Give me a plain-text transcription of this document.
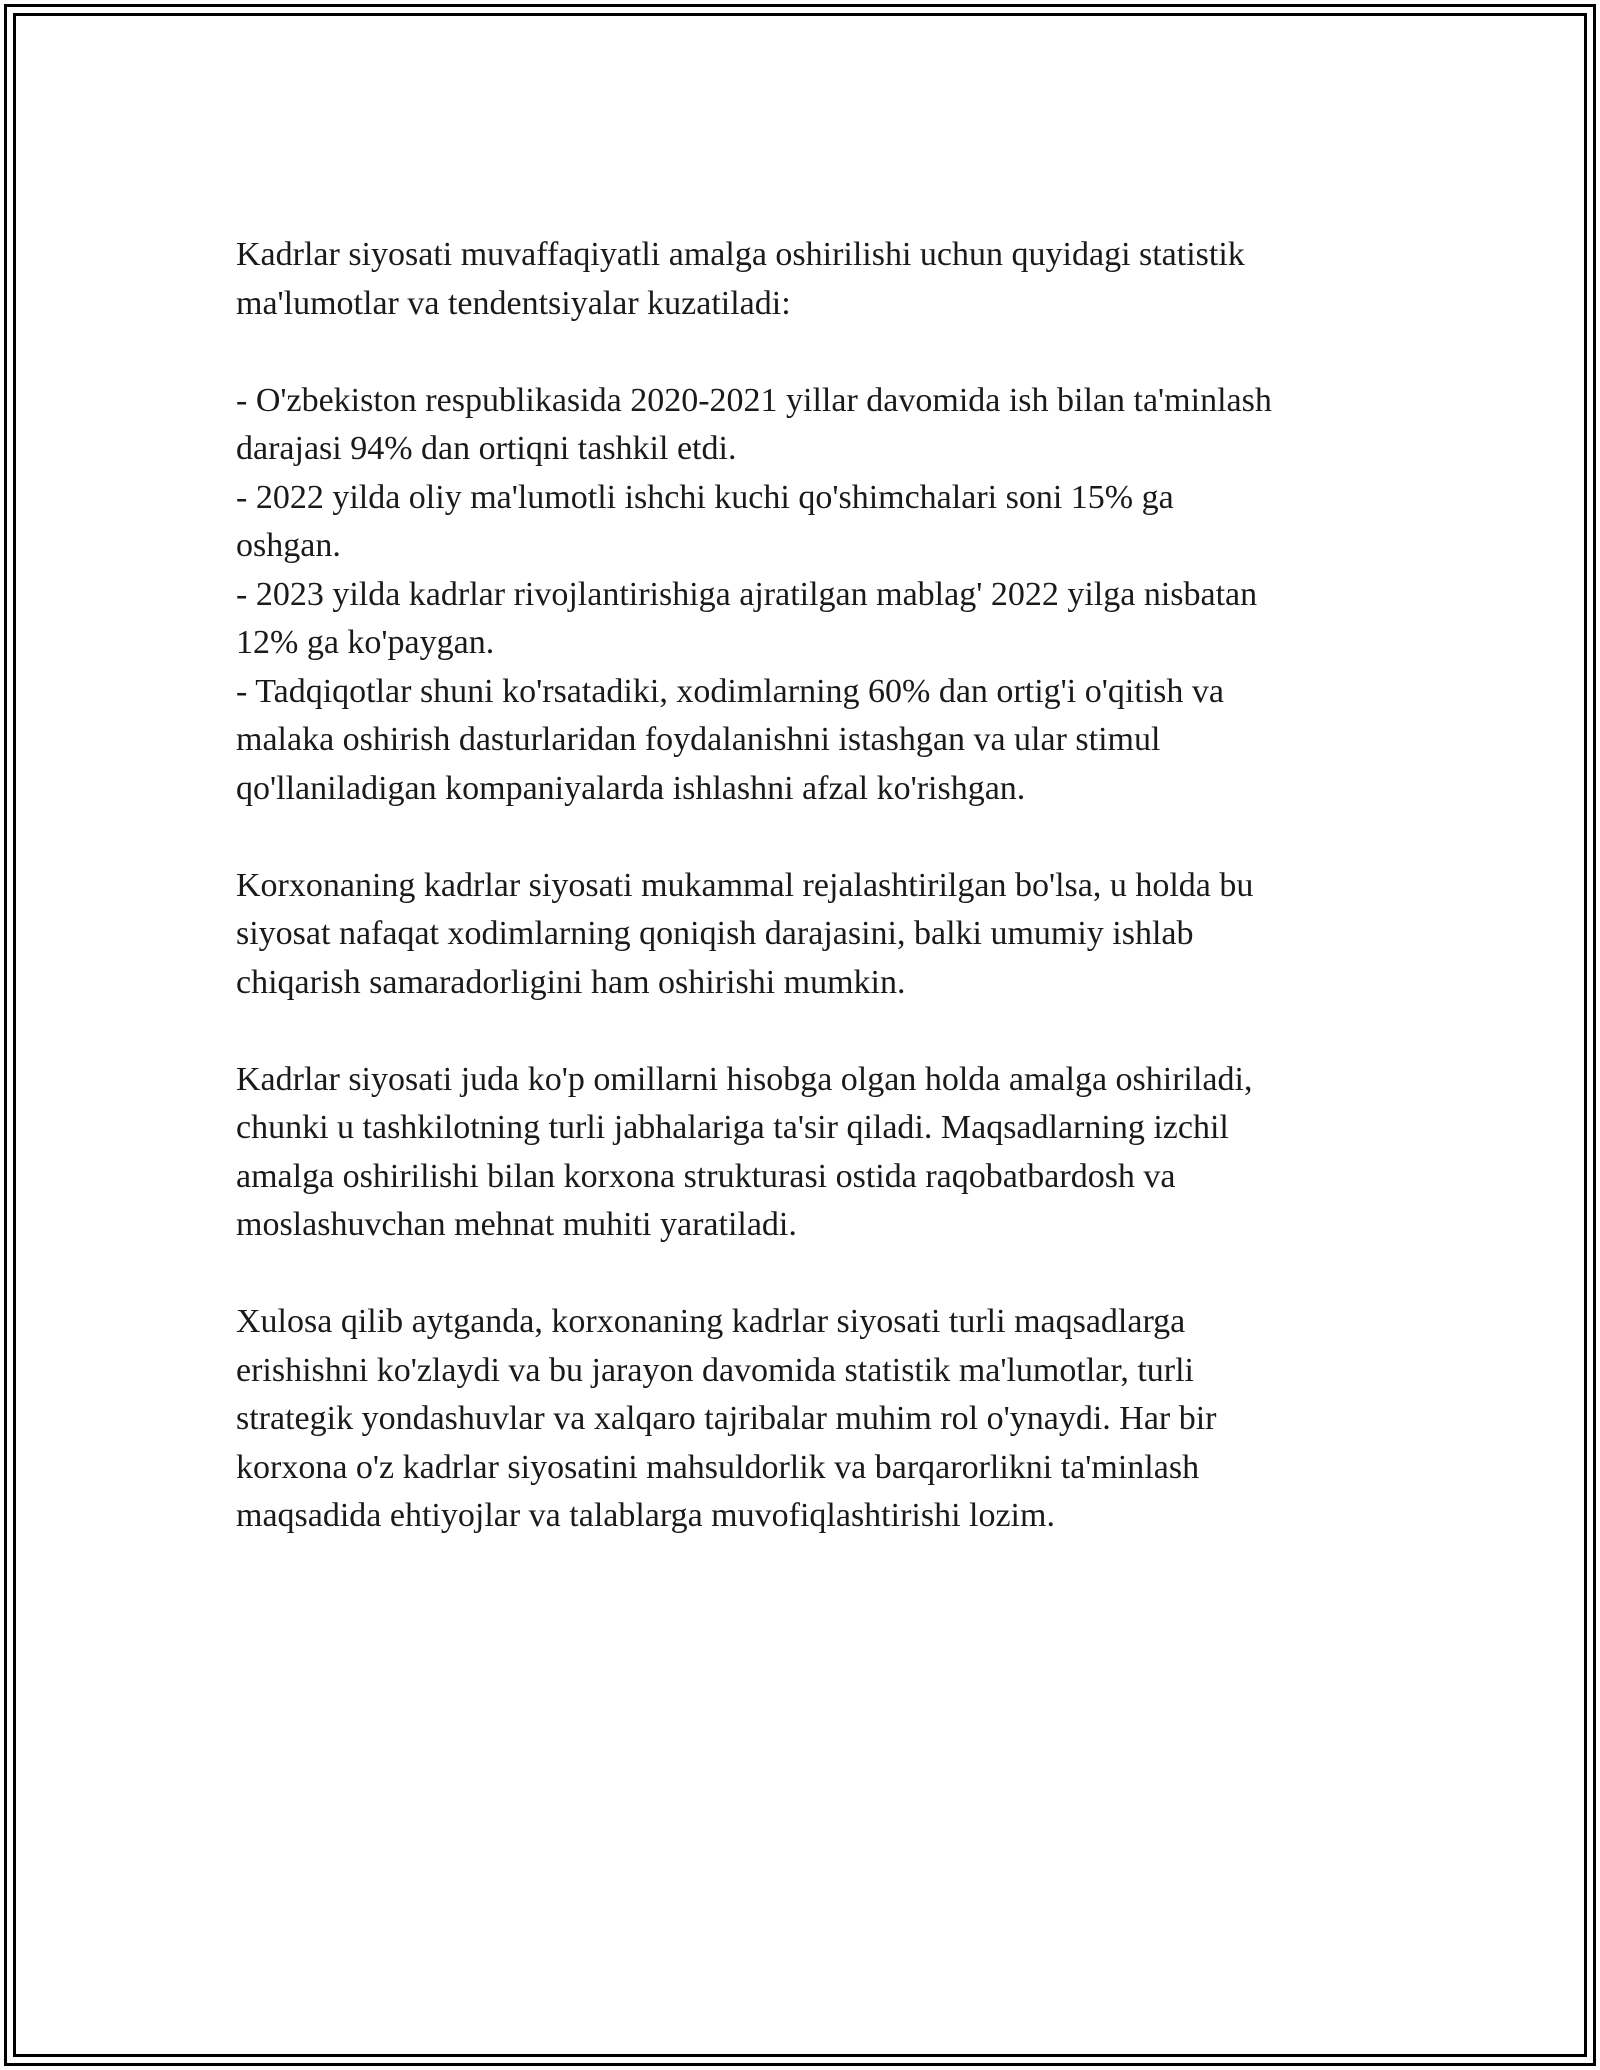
Kadrlar siyosati muvaffaqiyatli amalga oshirilishi uchun quyidagi statistik
ma'lumotlar va tendentsiyalar kuzatiladi:

- O'zbekiston respublikasida 2020-2021 yillar davomida ish bilan ta'minlash
darajasi 94% dan ortiqni tashkil etdi.

- 2022 yilda oliy ma'lumotli ishchi kuchi qo'shimchalari soni 15% ga
oshgan.

- 2023 yilda kadrlar rivojlantirishiga ajratilgan mablag' 2022 yilga nisbatan
12% ga ko'paygan.

- Tadqiqotlar shuni ko'rsatadiki, xodimlarning 60% dan ortig'i o'qitish va
malaka oshirish dasturlaridan foydalanishni istashgan va ular stimul
qo'llaniladigan kompaniyalarda ishlashni afzal ko'rishgan.

Korxonaning kadrlar siyosati mukammal rejalashtirilgan bo'lsa, u holda bu
siyosat nafaqat xodimlarning qoniqish darajasini, balki umumiy ishlab
chiqarish samaradorligini ham oshirishi mumkin.

Kadrlar siyosati juda ko'p omillarni hisobga olgan holda amalga oshiriladi,
chunki u tashkilotning turli jabhalariga ta'sir qiladi. Maqsadlarning izchil
amalga oshirilishi bilan korxona strukturasi ostida raqobatbardosh va
moslashuvchan mehnat muhiti yaratiladi.

Xulosa qilib aytganda, korxonaning kadrlar siyosati turli maqsadlarga
erishishni ko'zlaydi va bu jarayon davomida statistik ma'lumotlar, turli
strategik yondashuvlar va xalqaro tajribalar muhim rol o'ynaydi. Har bir
korxona o'z kadrlar siyosatini mahsuldorlik va barqarorlikni ta'minlash
maqsadida ehtiyojlar va talablarga muvofiqlashtirishi lozim.
